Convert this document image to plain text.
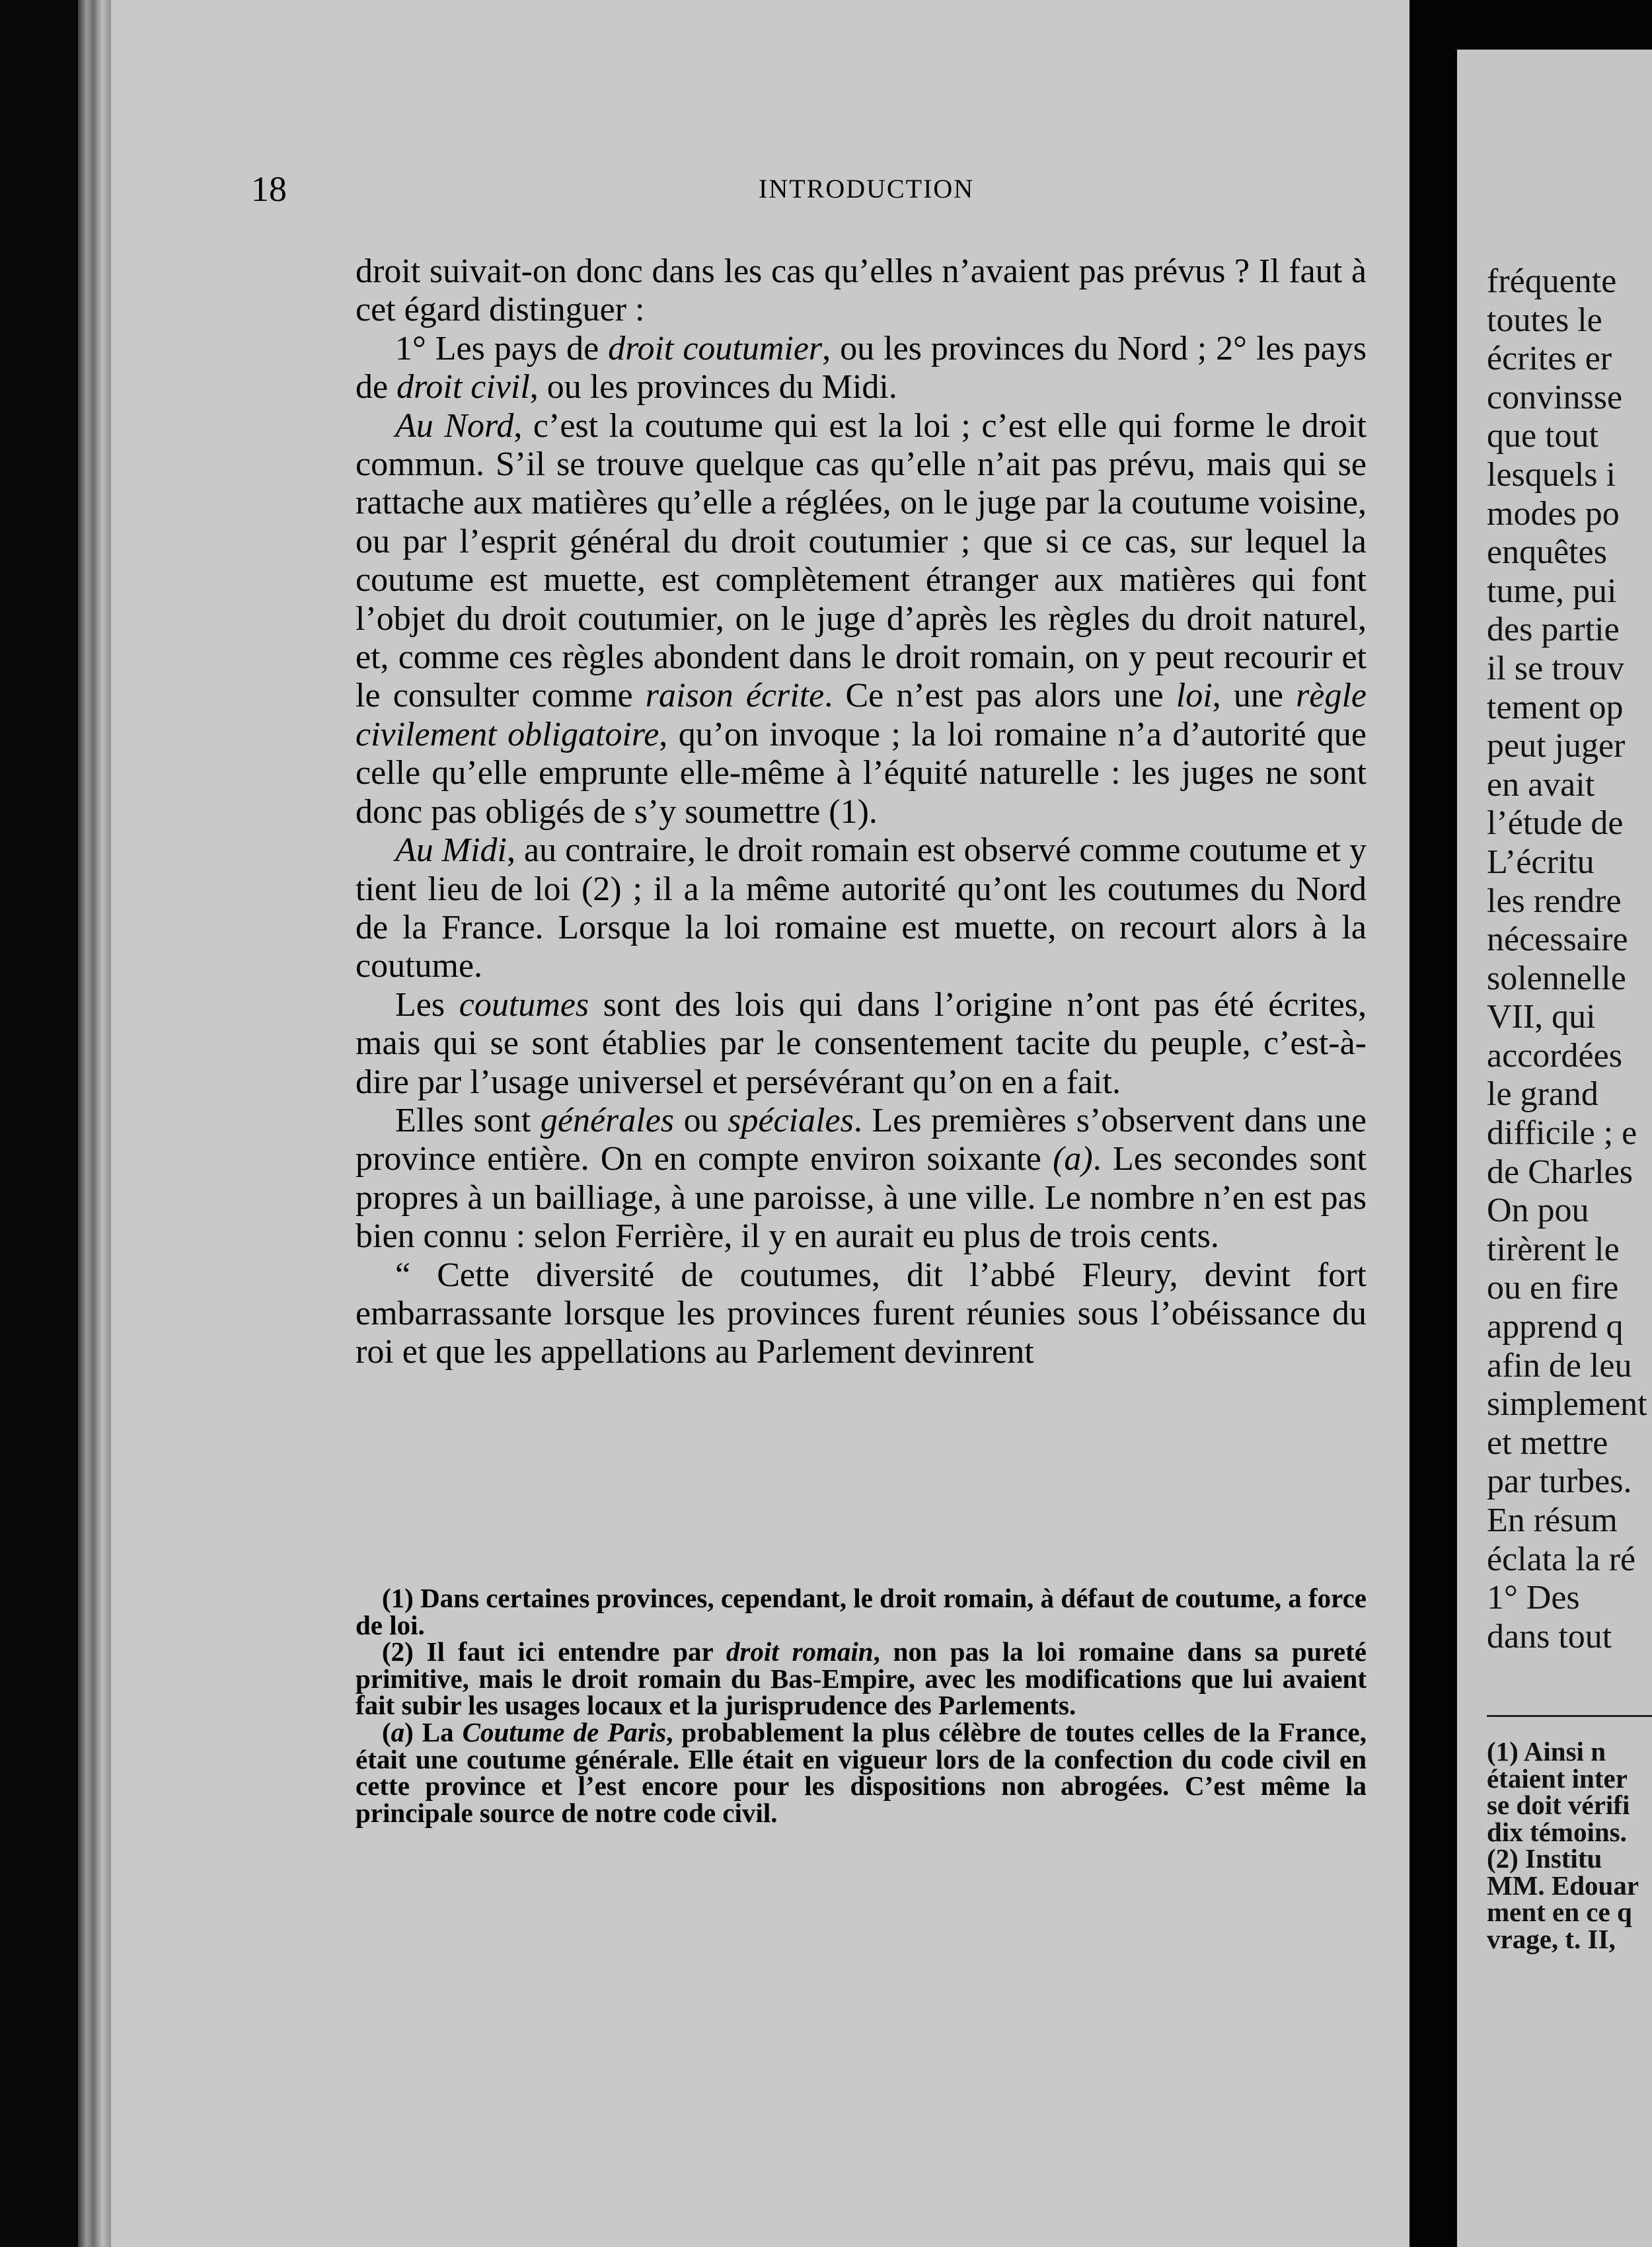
18	INTRODUCTION

droit suivait-on donc dans les cas qu’elles n’avaient pas prévus ? Il faut à cet égard distinguer :

1° Les pays de droit coutumier, ou les provinces du Nord ; 2° les pays de droit civil, ou les provinces du Midi.

Au Nord, c’est la coutume qui est la loi ; c’est elle qui forme le droit commun. S’il se trouve quelque cas qu’elle n’ait pas prévu, mais qui se rattache aux matières qu’elle a réglées, on le juge par la coutume voisine, ou par l’esprit général du droit coutumier ; que si ce cas, sur lequel la coutume est muette, est complètement étranger aux matières qui font l’objet du droit coutumier, on le juge d’après les règles du droit naturel, et, comme ces règles abondent dans le droit romain, on y peut recourir et le consulter comme raison écrite. Ce n’est pas alors une loi, une règle civilement obligatoire, qu’on invoque ; la loi romaine n’a d’autorité que celle qu’elle emprunte elle-même à l’équité naturelle : les juges ne sont donc pas obligés de s’y soumettre (1).

Au Midi, au contraire, le droit romain est observé comme coutume et y tient lieu de loi (2) ; il a la même autorité qu’ont les coutumes du Nord de la France. Lorsque la loi romaine est muette, on recourt alors à la coutume.

Les coutumes sont des lois qui dans l’origine n’ont pas été écrites, mais qui se sont établies par le consentement tacite du peuple, c’est-à-dire par l’usage universel et persévérant qu’on en a fait.

Elles sont générales ou spéciales. Les premières s’observent dans une province entière. On en compte environ soixante (a). Les secondes sont propres à un bailliage, à une paroisse, à une ville. Le nombre n’en est pas bien connu : selon Ferrière, il y en aurait eu plus de trois cents.

“ Cette diversité de coutumes, dit l’abbé Fleury, devint fort embarrassante lorsque les provinces furent réunies sous l’obéissance du roi et que les appellations au Parlement devinrent

(1) Dans certaines provinces, cependant, le droit romain, à défaut de coutume, a force de loi.

(2) Il faut ici entendre par droit romain, non pas la loi romaine dans sa pureté primitive, mais le droit romain du Bas-Empire, avec les modifications que lui avaient fait subir les usages locaux et la jurisprudence des Parlements.

(a) La Coutume de Paris, probablement la plus célèbre de toutes celles de la France, était une coutume générale. Elle était en vigueur lors de la confection du code civil en cette province et l’est encore pour les dispositions non abrogées. C’est même la principale source de notre code civil.

fréquente
toutes le
écrites er
convinsse
que tout
lesquels i
modes po
enquêtes
tume, pui
des partie
il se trouv
tement op
peut juger
en avait
l’étude de
L’écritu
les rendre
nécessaire
solennelle
VII, qui
accordées
le grand
difficile ; e
de Charles
On pou
tirèrent le
ou en fire
apprend q
afin de leu
simplement
et mettre
par turbes.
En résum
éclata la ré
1° Des
dans tout
(1) Ainsi n
étaient inter
se doit vérifi
dix témoins.
(2) Institu
MM. Edouar
ment en ce q
vrage, t. II,
